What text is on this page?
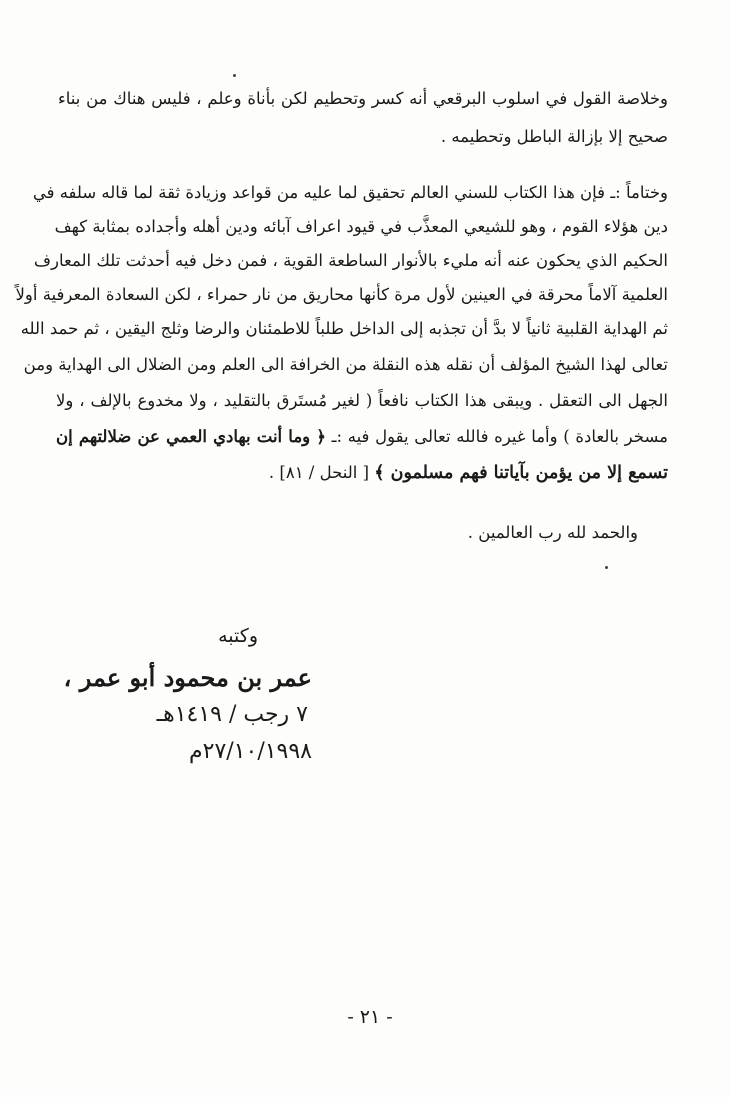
وخلاصة القول في اسلوب البرقعي أنه كسر وتحطيم لكن بأناة وعلم ، فليس هناك من بناء
صحيح إلا بإزالة الباطل وتحطيمه .
وختاماً :ـ فإن هذا الكتاب للسني العالم تحقيق لما عليه من قواعد وزيادة ثقة لما قاله سلفه في
دين هؤلاء القوم ، وهو للشيعي المعذَّب في قيود اعراف آبائه ودين أهله وأجداده بمثابة كهف
الحكيم الذي يحكون عنه أنه مليء بالأنوار الساطعة القوية ، فمن دخل فيه أحدثت تلك المعارف
العلمية آلاماً محرقة في العينين لأول مرة كأنها محاريق من نار حمراء ، لكن السعادة المعرفية أولاً
ثم الهداية القلبية ثانياً لا بدَّ أن تجذبه إلى الداخل طلباً للاطمئنان والرضا وثلج اليقين ، ثم حمد الله
تعالى لهذا الشيخ المؤلف أن نقله هذه النقلة من الخرافة الى العلم ومن الضلال الى الهداية ومن
الجهل الى التعقل . ويبقى هذا الكتاب نافعاً ( لغير مُستَرق بالتقليد ، ولا مخدوع بالإلف ، ولا
مسخر بالعادة ) وأما غيره فالله تعالى يقول فيه :ـ ﴿ وما أنت بهادي العمي عن ضلالتهم إن
تسمع إلا من يؤمن بآياتنا فهم مسلمون ﴾ [ النحل / ٨١] .
والحمد لله رب العالمين .
وكتبه
عمر بن محمود أبو عمر ،
٧ رجب / ١٤١٩هـ
٢٧/١٠/١٩٩٨م
- ٢١ -
